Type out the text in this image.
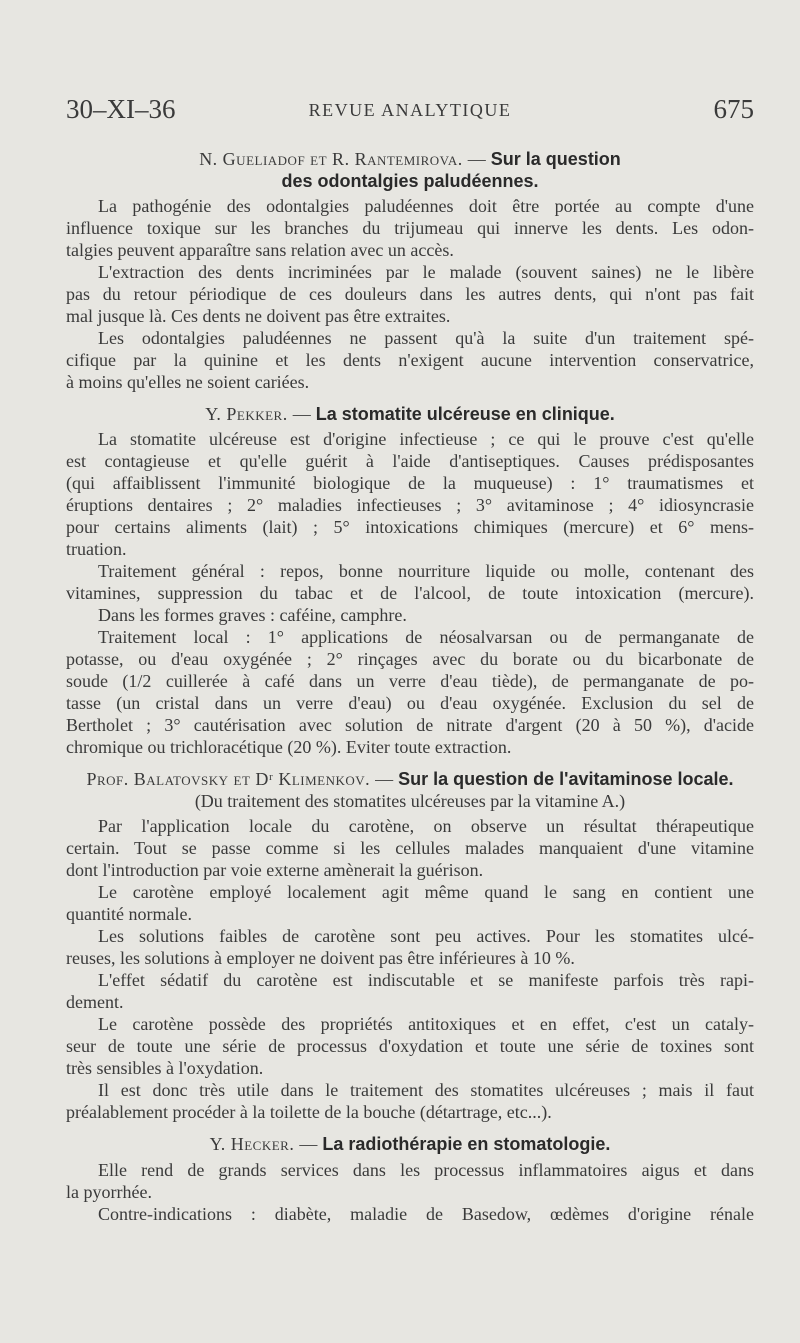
30–XI–36	REVUE ANALYTIQUE	675
N. Gueliadof et R. Rantemirova. — Sur la question
des odontalgies paludéennes.
La pathogénie des odontalgies paludéennes doit être portée au compte d'une
influence toxique sur les branches du trijumeau qui innerve les dents. Les odon-
talgies peuvent apparaître sans relation avec un accès.
L'extraction des dents incriminées par le malade (souvent saines) ne le libère
pas du retour périodique de ces douleurs dans les autres dents, qui n'ont pas fait
mal jusque là. Ces dents ne doivent pas être extraites.
Les odontalgies paludéennes ne passent qu'à la suite d'un traitement spé-
cifique par la quinine et les dents n'exigent aucune intervention conservatrice,
à moins qu'elles ne soient cariées.
Y. Pekker. — La stomatite ulcéreuse en clinique.
La stomatite ulcéreuse est d'origine infectieuse ; ce qui le prouve c'est qu'elle
est contagieuse et qu'elle guérit à l'aide d'antiseptiques. Causes prédisposantes
(qui affaiblissent l'immunité biologique de la muqueuse) : 1° traumatismes et
éruptions dentaires ; 2° maladies infectieuses ; 3° avitaminose ; 4° idiosyncrasie
pour certains aliments (lait) ; 5° intoxications chimiques (mercure) et 6° mens-
truation.
Traitement général : repos, bonne nourriture liquide ou molle, contenant des
vitamines, suppression du tabac et de l'alcool, de toute intoxication (mercure).
Dans les formes graves : caféine, camphre.
Traitement local : 1° applications de néosalvarsan ou de permanganate de
potasse, ou d'eau oxygénée ; 2° rinçages avec du borate ou du bicarbonate de
soude (1/2 cuillerée à café dans un verre d'eau tiède), de permanganate de po-
tasse (un cristal dans un verre d'eau) ou d'eau oxygénée. Exclusion du sel de
Bertholet ; 3° cautérisation avec solution de nitrate d'argent (20 à 50 %), d'acide
chromique ou trichloracétique (20 %). Eviter toute extraction.
Prof. Balatovsky et Dʳ Klimenkov. — Sur la question de l'avitaminose locale.
(Du traitement des stomatites ulcéreuses par la vitamine A.)
Par l'application locale du carotène, on observe un résultat thérapeutique
certain. Tout se passe comme si les cellules malades manquaient d'une vitamine
dont l'introduction par voie externe amènerait la guérison.
Le carotène employé localement agit même quand le sang en contient une
quantité normale.
Les solutions faibles de carotène sont peu actives. Pour les stomatites ulcé-
reuses, les solutions à employer ne doivent pas être inférieures à 10 %.
L'effet sédatif du carotène est indiscutable et se manifeste parfois très rapi-
dement.
Le carotène possède des propriétés antitoxiques et en effet, c'est un cataly-
seur de toute une série de processus d'oxydation et toute une série de toxines sont
très sensibles à l'oxydation.
Il est donc très utile dans le traitement des stomatites ulcéreuses ; mais il faut
préalablement procéder à la toilette de la bouche (détartrage, etc...).
Y. Hecker. — La radiothérapie en stomatologie.
Elle rend de grands services dans les processus inflammatoires aigus et dans
la pyorrhée.
Contre-indications : diabète, maladie de Basedow, œdèmes d'origine rénale
